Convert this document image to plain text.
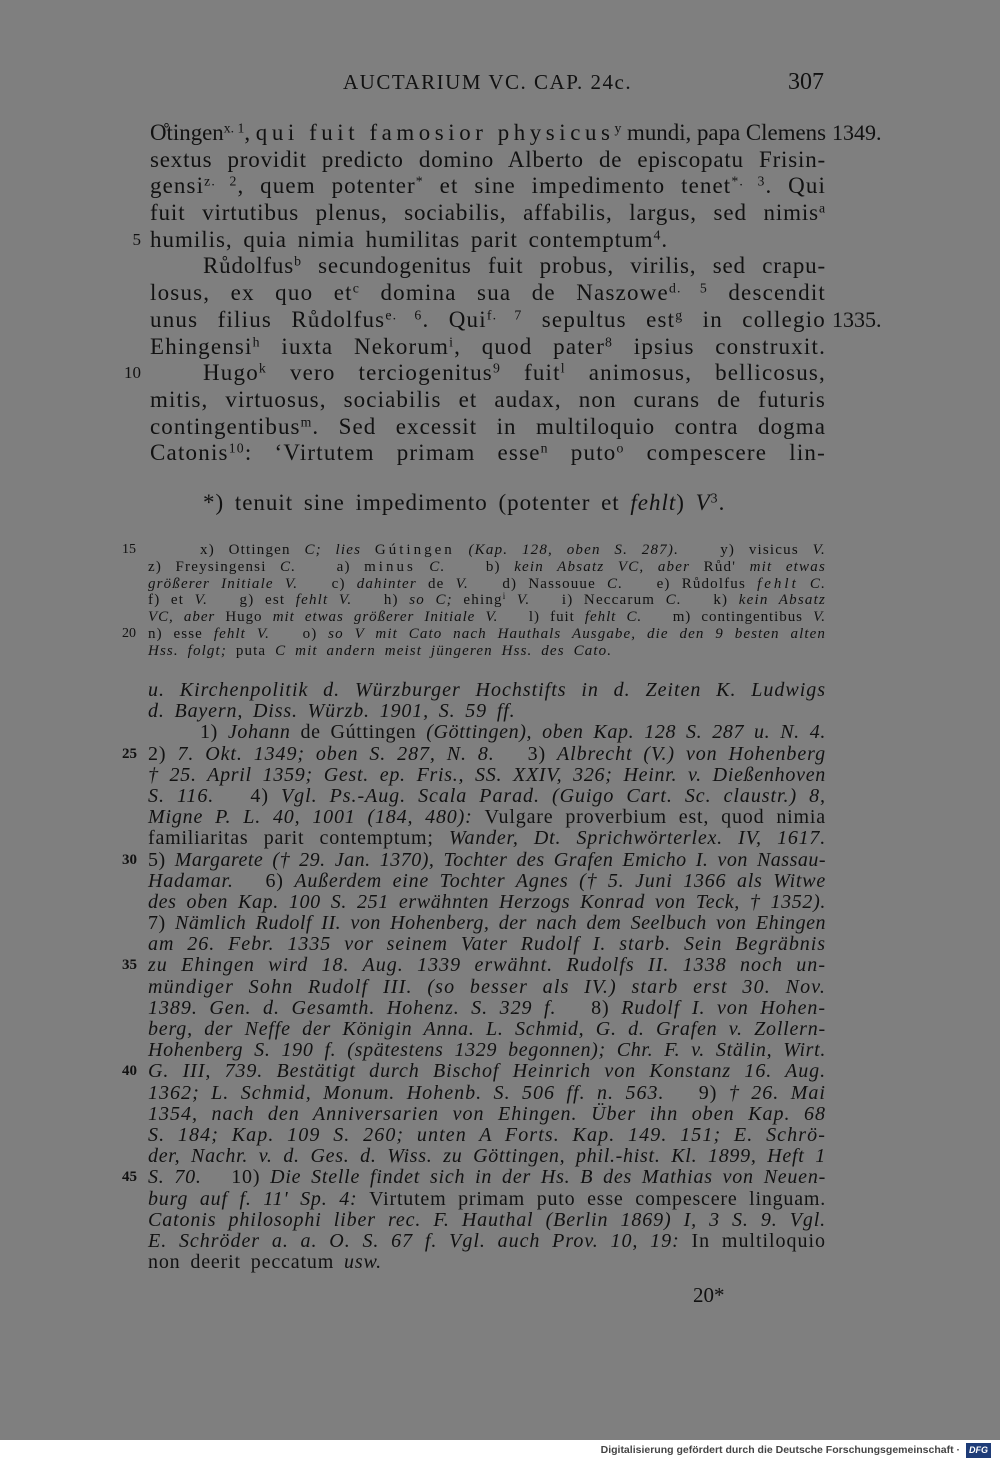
AUCTARIUM VC. CAP. 24c.	307
1349.
O̊tingen$^{x. 1}$, qui fuit famosior physicus$^y$ mundi, papa Clemens
sextus providit predicto domino Alberto de episcopatu Frisin-
gensi$^{z. 2}$, quem potenter* et sine impedimento tenet$^{*. 3}$. Qui
fuit virtutibus plenus, sociabilis, affabilis, largus, sed nimis$^a$
5 humilis, quia nimia humilitas parit contemptum$^4$.
Růdolfus$^b$ secundogenitus fuit probus, virilis, sed crapu-
losus, ex quo $et^c$ domina sua de Naszowe$^{d. 5}$ descendit
1335.
unus filius Růdolfus$^{e. 6}$. Qui$^{f. 7}$ sepultus est$^g$ in collegio
Ehingensi$^h$ iuxta Nekorum$^i$, quod pater$^8$ ipsius construxit.
10	Hugo$^k$ vero terciogenitus$^9$ fuit$^l$ animosus, bellicosus,
mitis, virtuosus, sociabilis et audax, non curans de futuris
contingentibus$^m$. Sed excessit in multiloquio contra dogma
Catonis$^{10}$: ‘Virtutem primam esse$^n$ puto$^o$ compescere lin-
*) tenuit sine impedimento (potenter et fehlt) $V^3$.
15	x) Ottingen C; lies Gútingen (Kap. 128, oben S. 287).   y) visicus V.
z) Freysingensi C.   a) minus C.   b) kein Absatz VC, aber Růd' mit etwas
größerer Initiale V.   c) dahinter de V.   d) Nassouue C.   e) Růdolfus fehlt C.
f) et V.   g) est fehlt V.   h) so C; ehing$^i$ V.   i) Neccarum C.   k) kein Absatz
VC, aber Hugo mit etwas größerer Initiale V.   l) fuit fehlt C.   m) contingentibus V.
20 n) esse fehlt V.   o) so V mit Cato nach Hauthals Ausgabe, die den 9 besten alten
Hss. folgt; puta C mit andern meist jüngeren Hss. des Cato.
u. Kirchenpolitik d. Würzburger Hochstifts in d. Zeiten K. Ludwigs
d. Bayern, Diss. Würzb. 1901, S. 59 ff.
1) Johann de Gúttingen (Göttingen), oben Kap. 128 S. 287 u. N. 4.
25 2) 7. Okt. 1349; oben S. 287, N. 8.   3) Albrecht (V.) von Hohenberg
† 25. April 1359; Gest. ep. Fris., SS. XXIV, 326; Heinr. v. Dießenhoven
S. 116.   4) Vgl. Ps.-Aug. Scala Parad. (Guigo Cart. Sc. claustr.) 8,
Migne P. L. 40, 1001 (184, 480): Vulgare proverbium est, quod nimia
familiaritas parit contemptum; Wander, Dt. Sprichwörterlex. IV, 1617.
30 5) Margarete († 29. Jan. 1370), Tochter des Grafen Emicho I. von Nassau-
Hadamar.   6) Außerdem eine Tochter Agnes († 5. Juni 1366 als Witwe
des oben Kap. 100 S. 251 erwähnten Herzogs Konrad von Teck, † 1352).
7) Nämlich Rudolf II. von Hohenberg, der nach dem Seelbuch von Ehingen
am 26. Febr. 1335 vor seinem Vater Rudolf I. starb. Sein Begräbnis
35 zu Ehingen wird 18. Aug. 1339 erwähnt. Rudolfs II. 1338 noch un-
mündiger Sohn Rudolf III. (so besser als IV.) starb erst 30. Nov.
1389. Gen. d. Gesamth. Hohenz. S. 329 f.   8) Rudolf I. von Hohen-
berg, der Neffe der Königin Anna. L. Schmid, G. d. Grafen v. Zollern-
Hohenberg S. 190 f. (spätestens 1329 begonnen); Chr. F. v. Stälin, Wirt.
40 G. III, 739. Bestätigt durch Bischof Heinrich von Konstanz 16. Aug.
1362; L. Schmid, Monum. Hohenb. S. 506 ff. n. 563.   9) † 26. Mai
1354, nach den Anniversarien von Ehingen. Über ihn oben Kap. 68
S. 184; Kap. 109 S. 260; unten A Forts. Kap. 149. 151; E. Schrö-
der, Nachr. v. d. Ges. d. Wiss. zu Göttingen, phil.-hist. Kl. 1899, Heft 1
45 S. 70.   10) Die Stelle findet sich in der Hs. B des Mathias von Neuen-
burg auf f. 11' Sp. 4: Virtutem primam puto esse compescere linguam.
Catonis philosophi liber rec. F. Hauthal (Berlin 1869) I, 3 S. 9. Vgl.
E. Schröder a. a. O. S. 67 f. Vgl. auch Prov. 10, 19: In multiloquio
non deerit peccatum usw.
20*
Digitalisierung gefördert durch die Deutsche Forschungsgemeinschaft ·	DFG
